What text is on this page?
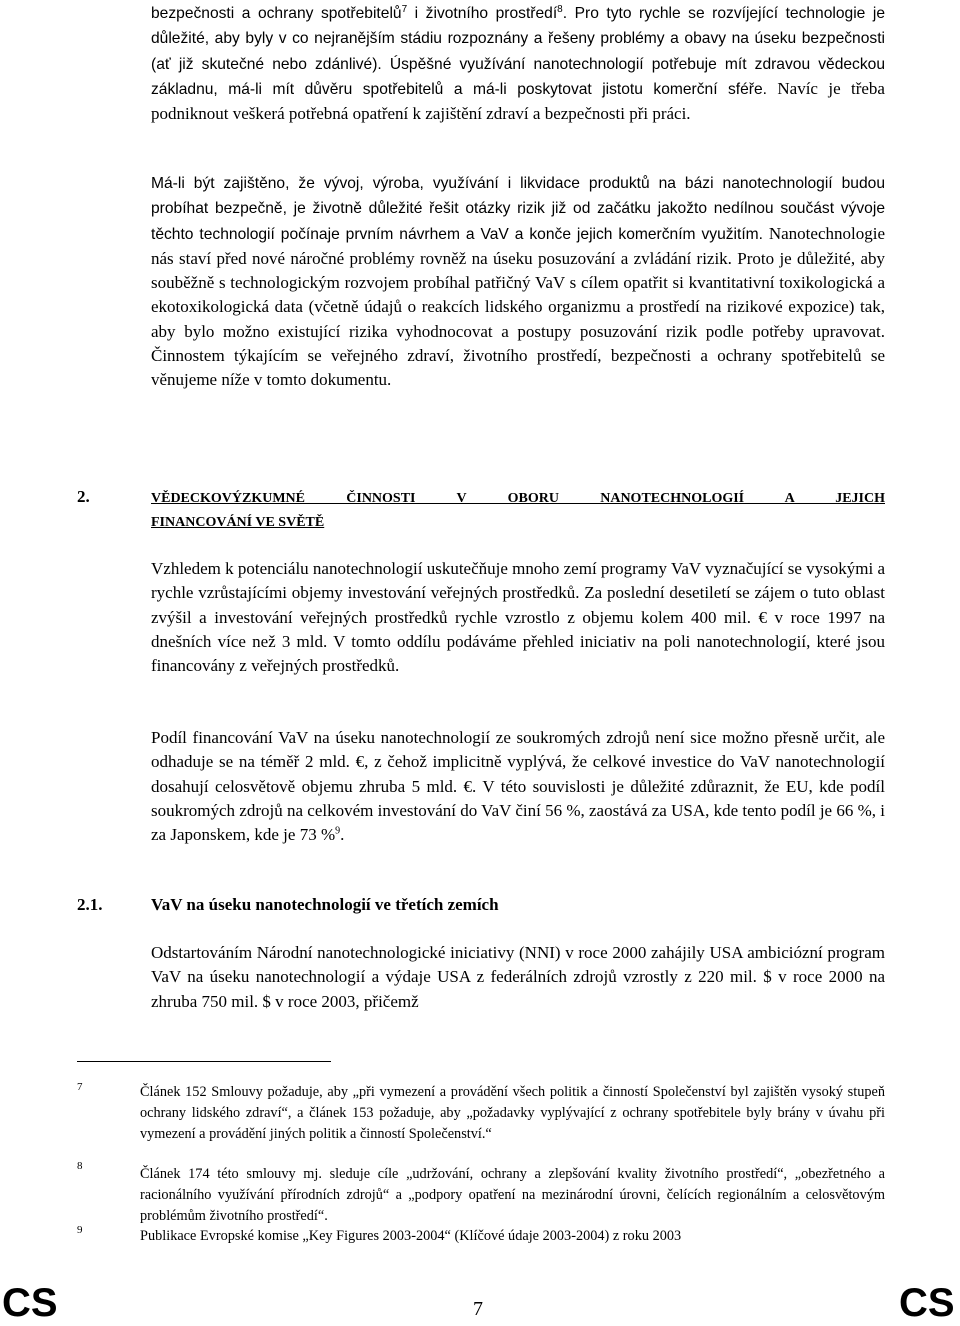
bezpečnosti a ochrany spotřebitelů$^7$ i životního prostředí$^8$. Pro tyto rychle se rozvíjející technologie je důležité, aby byly v co nejranějším stádiu rozpoznány a řešeny problémy a obavy na úseku bezpečnosti (ať již skutečné nebo zdánlivé). Úspěšné využívání nanotechnologií potřebuje mít zdravou vědeckou základnu, má-li mít důvěru spotřebitelů a má-li poskytovat jistotu komerční sféře. Navíc je třeba podniknout veškerá potřebná opatření k zajištění zdraví a bezpečnosti při práci.

Má-li být zajištěno, že vývoj, výroba, využívání i likvidace produktů na bázi nanotechnologií budou probíhat bezpečně, je životně důležité řešit otázky rizik již od začátku jakožto nedílnou součást vývoje těchto technologií počínaje prvním návrhem a VaV a konče jejich komerčním využitím. Nanotechnologie nás staví před nové náročné problémy rovněž na úseku posuzování a zvládání rizik. Proto je důležité, aby souběžně s technologickým rozvojem probíhal patřičný VaV s cílem opatřit si kvantitativní toxikologická a ekotoxikologická data (včetně údajů o reakcích lidského organizmu a prostředí na rizikové expozice) tak, aby bylo možno existující rizika vyhodnocovat a postupy posuzování rizik podle potřeby upravovat. Činnostem týkajícím se veřejného zdraví, životního prostředí, bezpečnosti a ochrany spotřebitelů se věnujeme níže v tomto dokumentu.

2.	VĚDECKOVÝZKUMNÉ ČINNOSTI V OBORU NANOTECHNOLOGIÍ A JEJICH
FINANCOVÁNÍ VE SVĚTĚ

Vzhledem k potenciálu nanotechnologií uskutečňuje mnoho zemí programy VaV vyznačující se vysokými a rychle vzrůstajícími objemy investování veřejných prostředků. Za poslední desetiletí se zájem o tuto oblast zvýšil a investování veřejných prostředků rychle vzrostlo z objemu kolem 400 mil. € v roce 1997 na dnešních více než 3 mld. V tomto oddílu podáváme přehled iniciativ na poli nanotechnologií, které jsou financovány z veřejných prostředků.

Podíl financování VaV na úseku nanotechnologií ze soukromých zdrojů není sice možno přesně určit, ale odhaduje se na téměř 2 mld. €, z čehož implicitně vyplývá, že celkové investice do VaV nanotechnologií dosahují celosvětově objemu zhruba 5 mld. €. V této souvislosti je důležité zdůraznit, že EU, kde podíl soukromých zdrojů na celkovém investování do VaV činí 56 %, zaostává za USA, kde tento podíl je 66 %, i za Japonskem, kde je 73 %$^9$.

2.1.	VaV na úseku nanotechnologií ve třetích zemích

Odstartováním Národní nanotechnologické iniciativy (NNI) v roce 2000 zahájily USA ambiciózní program VaV na úseku nanotechnologií a výdaje USA z federálních zdrojů vzrostly z 220 mil. $ v roce 2000 na zhruba 750 mil. $ v roce 2003, přičemž

7	Článek 152 Smlouvy požaduje, aby „při vymezení a provádění všech politik a činností Společenství byl zajištěn vysoký stupeň ochrany lidského zdraví“, a článek 153 požaduje, aby „požadavky vyplývající z ochrany spotřebitele byly brány v úvahu při vymezení a provádění jiných politik a činností Společenství.“

8	Článek 174 této smlouvy mj. sleduje cíle „udržování, ochrany a zlepšování kvality životního prostředí“, „obezřetného a racionálního využívání přírodních zdrojů“ a „podpory opatření na mezinárodní úrovni, čelících regionálním a celosvětovým problémům životního prostředí“.

9	Publikace Evropské komise „Key Figures 2003-2004“ (Klíčové údaje 2003-2004) z roku 2003

CS	7	CS
